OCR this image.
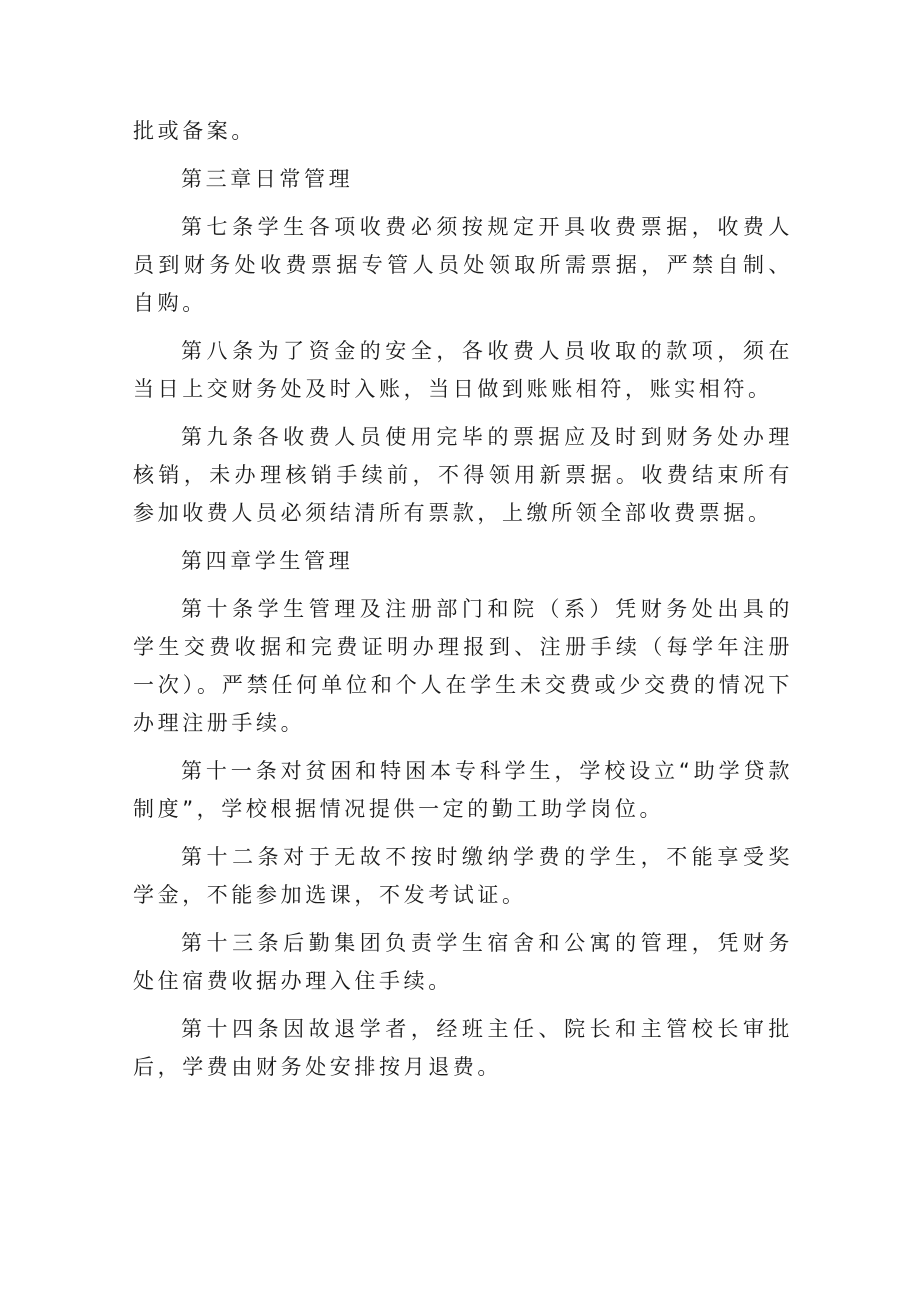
批或备案。

第三章日常管理

第七条学生各项收费必须按规定开具收费票据，收费人员到财务处收费票据专管人员处领取所需票据，严禁自制、自购。

第八条为了资金的安全，各收费人员收取的款项，须在当日上交财务处及时入账，当日做到账账相符，账实相符。

第九条各收费人员使用完毕的票据应及时到财务处办理核销，未办理核销手续前，不得领用新票据。收费结束所有参加收费人员必须结清所有票款，上缴所领全部收费票据。

第四章学生管理

第十条学生管理及注册部门和院（系）凭财务处出具的学生交费收据和完费证明办理报到、注册手续（每学年注册一次）。严禁任何单位和个人在学生未交费或少交费的情况下办理注册手续。

第十一条对贫困和特困本专科学生，学校设立“助学贷款制度”，学校根据情况提供一定的勤工助学岗位。

第十二条对于无故不按时缴纳学费的学生，不能享受奖学金，不能参加选课，不发考试证。

第十三条后勤集团负责学生宿舍和公寓的管理，凭财务处住宿费收据办理入住手续。

第十四条因故退学者，经班主任、院长和主管校长审批后，学费由财务处安排按月退费。
